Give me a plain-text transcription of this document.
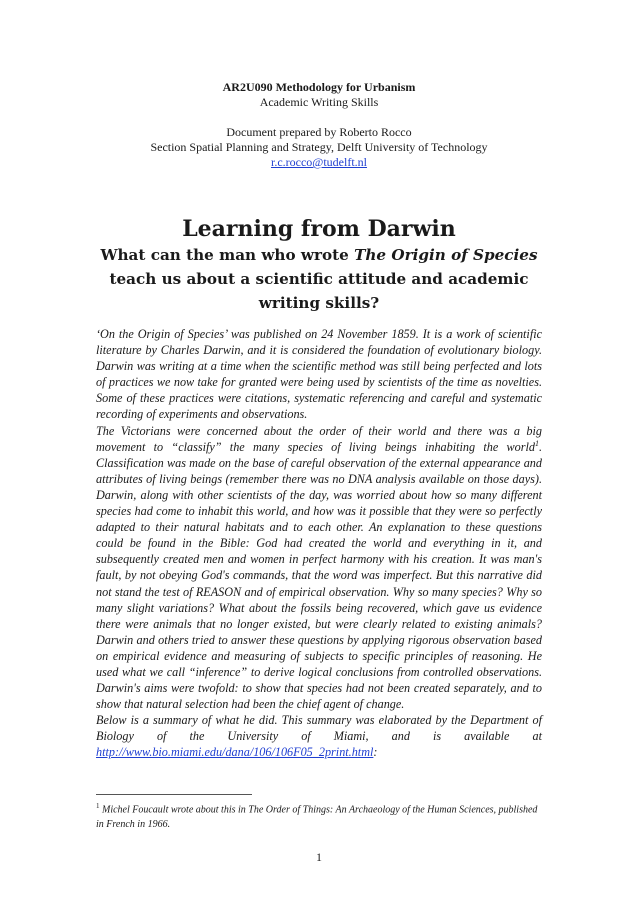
AR2U090 Methodology for Urbanism
Academic Writing Skills
Document prepared by Roberto Rocco
Section Spatial Planning and Strategy, Delft University of Technology
r.c.rocco@tudelft.nl
Learning from Darwin
What can the man who wrote The Origin of Species teach us about a scientific attitude and academic writing skills?

‘On the Origin of Species’ was published on 24 November 1859. It is a work of scientific literature by Charles Darwin, and it is considered the foundation of evolutionary biology. Darwin was writing at a time when the scientific method was still being perfected and lots of practices we now take for granted were being used by scientists of the time as novelties. Some of these practices were citations, systematic referencing and careful and systematic recording of experiments and observations.

The Victorians were concerned about the order of their world and there was a big movement to “classify” the many species of living beings inhabiting the world$^1$. Classification was made on the base of careful observation of the external appearance and attributes of living beings (remember there was no DNA analysis available on those days). Darwin, along with other scientists of the day, was worried about how so many different species had come to inhabit this world, and how was it possible that they were so perfectly adapted to their natural habitats and to each other. An explanation to these questions could be found in the Bible: God had created the world and everything in it, and subsequently created men and women in perfect harmony with his creation. It was man's fault, by not obeying God's commands, that the word was imperfect. But this narrative did not stand the test of REASON and of empirical observation. Why so many species? Why so many slight variations? What about the fossils being recovered, which gave us evidence there were animals that no longer existed, but were clearly related to existing animals? Darwin and others tried to answer these questions by applying rigorous observation based on empirical evidence and measuring of subjects to specific principles of reasoning. He used what we call “inference” to derive logical conclusions from controlled observations. Darwin's aims were twofold: to show that species had not been created separately, and to show that natural selection had been the chief agent of change.

Below is a summary of what he did. This summary was elaborated by the Department of Biology of the University of Miami, and is available at http://www.bio.miami.edu/dana/106/106F05_2print.html:

$^1$ Michel Foucault wrote about this in The Order of Things: An Archaeology of the Human Sciences, published in French in 1966.

1
